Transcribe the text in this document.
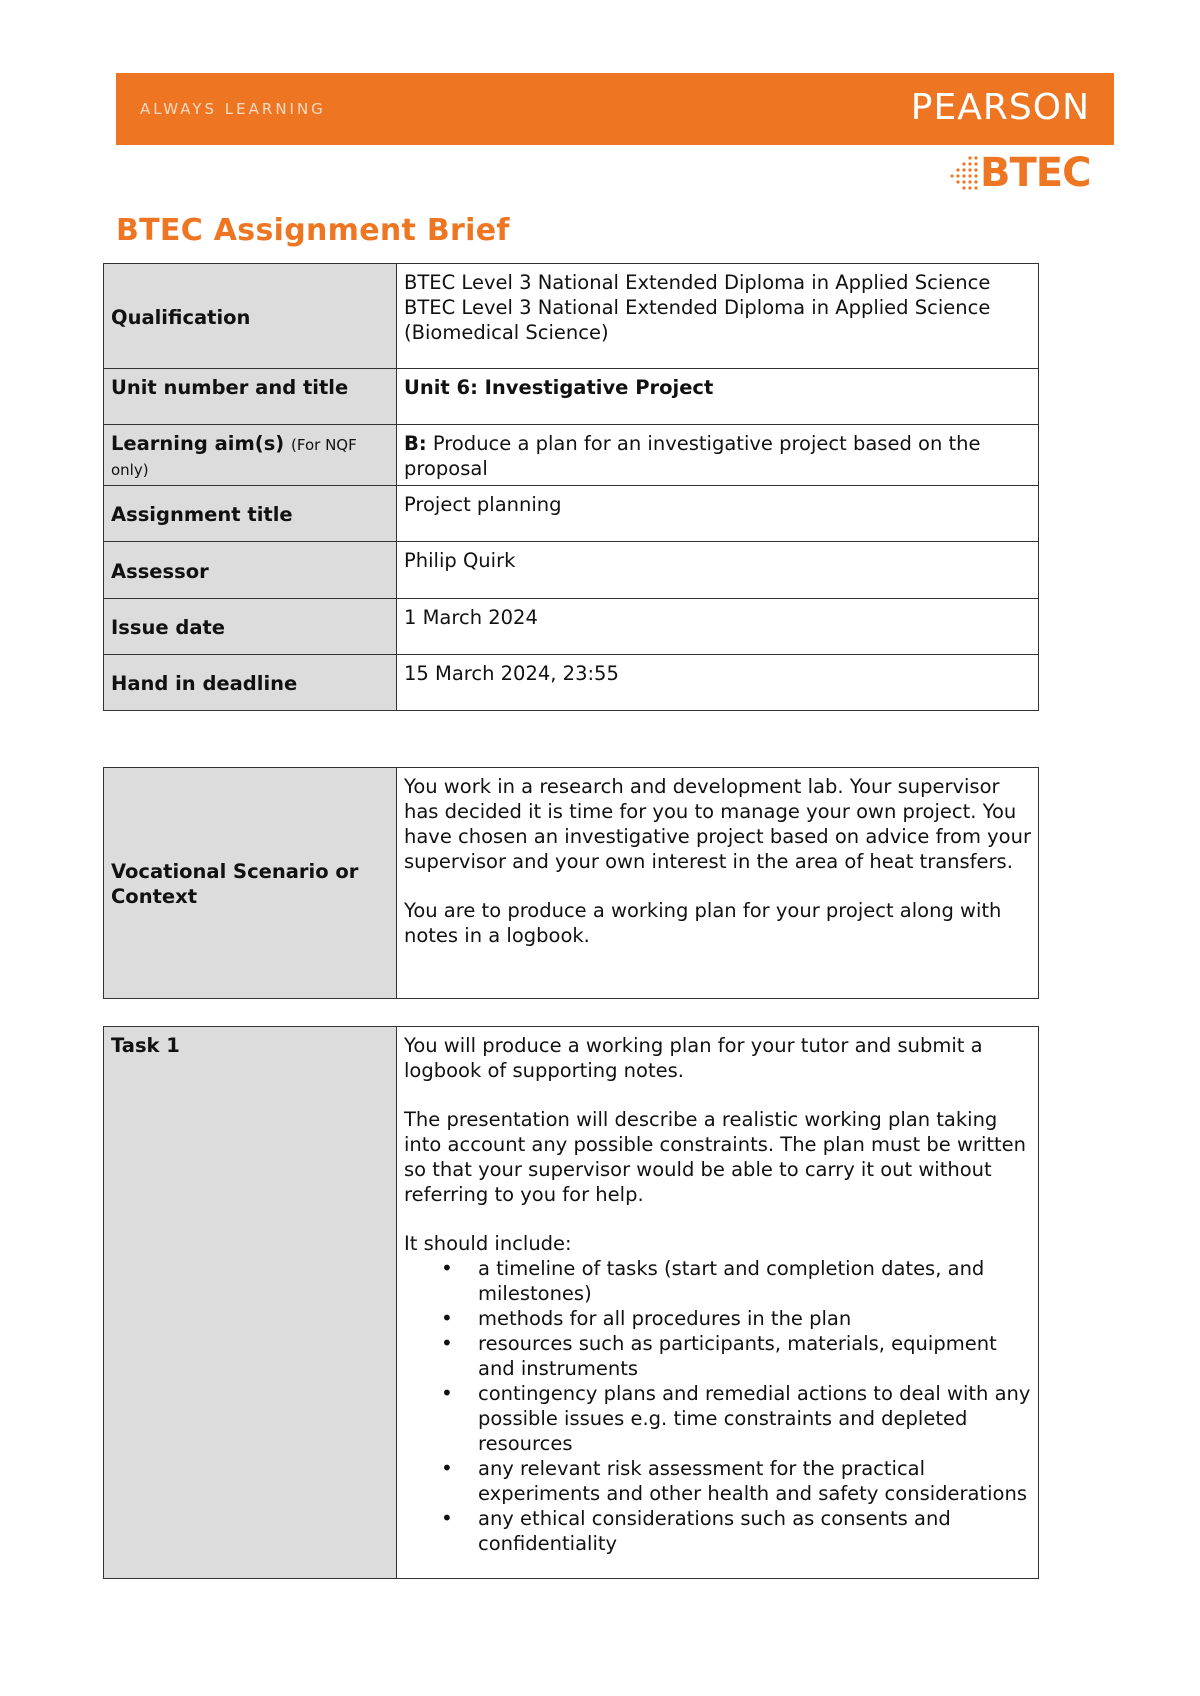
ALWAYS LEARNING	PEARSON
BTEC
BTEC Assignment Brief
Qualification	BTEC Level 3 National Extended Diploma in Applied Science
BTEC Level 3 National Extended Diploma in Applied Science
(Biomedical Science)

Unit number and title	Unit 6: Investigative Project
Learning aim(s) (For NQF only)	B: Produce a plan for an investigative project based on the proposal
Assignment title	Project planning
Assessor	Philip Quirk
Issue date	1 March 2024
Hand in deadline	15 March 2024, 23:55
Vocational Scenario or Context	

You work in a research and development lab. Your supervisor has decided it is time for you to manage your own project. You have chosen an investigative project based on advice from your supervisor and your own interest in the area of heat transfers.

You are to produce a working plan for your project along with notes in a logbook.

Task 1	You will produce a working plan for your tutor and submit a logbook of supporting notes.

The presentation will describe a realistic working plan taking into account any possible constraints. The plan must be written so that your supervisor would be able to carry it out without referring to you for help.

It should include:

• a timeline of tasks (start and completion dates, and milestones)
• methods for all procedures in the plan
• resources such as participants, materials, equipment and instruments
• contingency plans and remedial actions to deal with any possible issues e.g. time constraints and depleted resources
• any relevant risk assessment for the practical experiments and other health and safety considerations
• any ethical considerations such as consents and confidentiality
